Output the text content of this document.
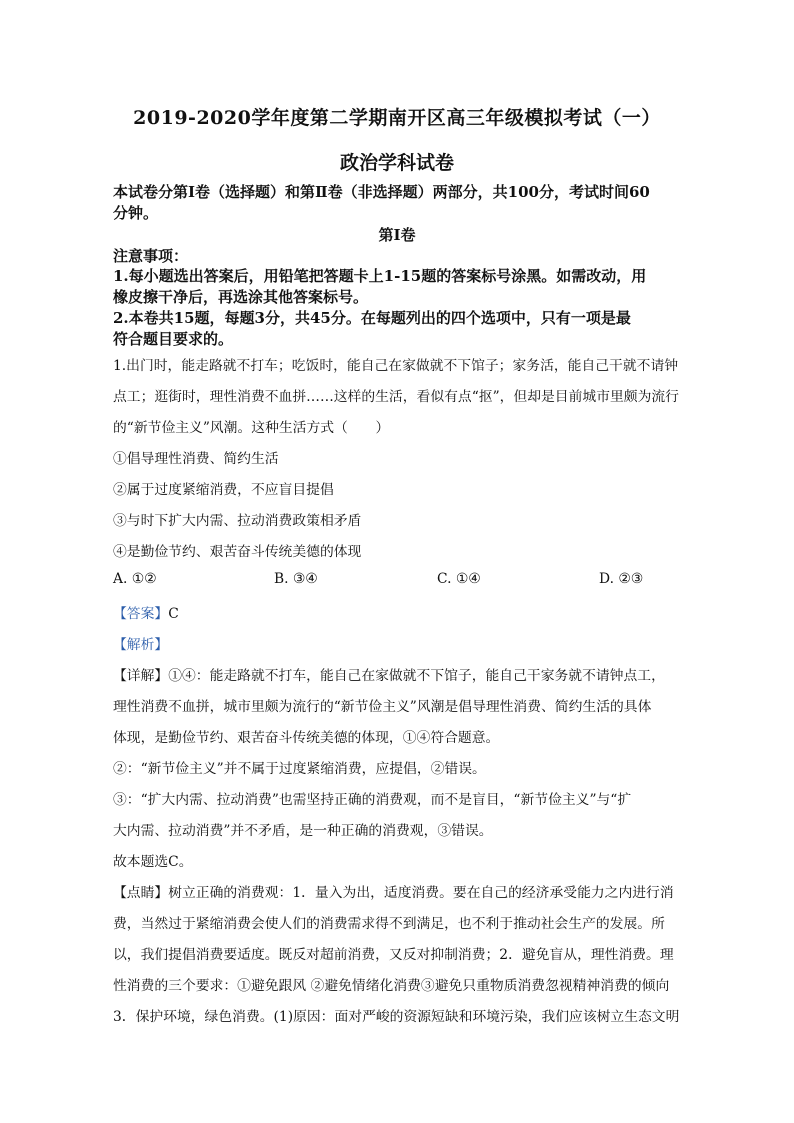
2019-2020学年度第二学期南开区高三年级模拟考试（一）
政治学科试卷
本试卷分第Ⅰ卷（选择题）和第Ⅱ卷（非选择题）两部分，共100分，考试时间60
分钟。
第Ⅰ卷
注意事项：
1.每小题选出答案后，用铅笔把答题卡上1-15题的答案标号涂黑。如需改动，用
橡皮擦干净后，再选涂其他答案标号。
2.本卷共15题，每题3分，共45分。在每题列出的四个选项中，只有一项是最
符合题目要求的。
1.出门时，能走路就不打车；吃饭时，能自己在家做就不下馆子；家务活，能自己干就不请钟
点工；逛街时，理性消费不血拼……这样的生活，看似有点“抠”，但却是目前城市里颇为流行
的“新节俭主义”风潮。这种生活方式（　　）
①倡导理性消费、简约生活
②属于过度紧缩消费，不应盲目提倡
③与时下扩大内需、拉动消费政策相矛盾
④是勤俭节约、艰苦奋斗传统美德的体现
A. ①②	B. ③④	C. ①④	D. ②③
【答案】C
【解析】
【详解】①④：能走路就不打车，能自己在家做就不下馆子，能自己干家务就不请钟点工，
理性消费不血拼，城市里颇为流行的“新节俭主义”风潮是倡导理性消费、简约生活的具体
体现，是勤俭节约、艰苦奋斗传统美德的体现，①④符合题意。
②：“新节俭主义”并不属于过度紧缩消费，应提倡，②错误。
③：“扩大内需、拉动消费”也需坚持正确的消费观，而不是盲目，“新节俭主义”与“扩
大内需、拉动消费”并不矛盾，是一种正确的消费观，③错误。
故本题选C。
【点睛】树立正确的消费观：1．量入为出，适度消费。要在自己的经济承受能力之内进行消
费，当然过于紧缩消费会使人们的消费需求得不到满足，也不利于推动社会生产的发展。所
以，我们提倡消费要适度。既反对超前消费，又反对抑制消费；2．避免盲从，理性消费。理
性消费的三个要求：①避免跟风 ②避免情绪化消费③避免只重物质消费忽视精神消费的倾向
3．保护环境，绿色消费。(1)原因：面对严峻的资源短缺和环境污染，我们应该树立生态文明
